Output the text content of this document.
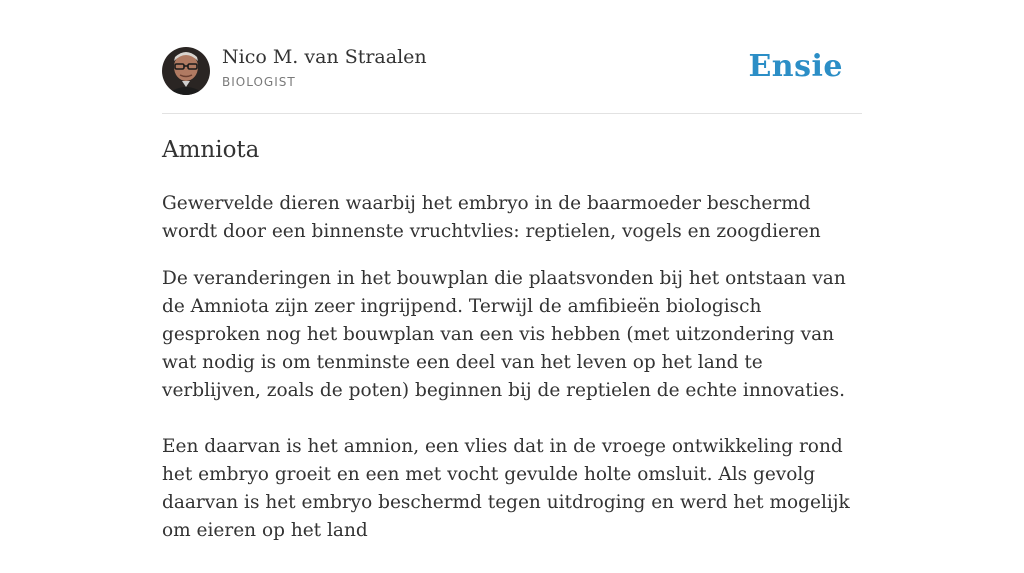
Nico M. van Straalen
BIOLOGIST	Ensie
Amniota

Gewervelde dieren waarbij het embryo in de baarmoeder beschermd wordt door een binnenste vruchtvlies: reptielen, vogels en zoogdieren

De veranderingen in het bouwplan die plaatsvonden bij het ontstaan van de Amniota zijn zeer ingrijpend. Terwijl de amfibieën biologisch gesproken nog het bouwplan van een vis hebben (met uitzondering van wat nodig is om tenminste een deel van het leven op het land te verblijven, zoals de poten) beginnen bij de reptielen de echte innovaties.

Een daarvan is het amnion, een vlies dat in de vroege ontwikkeling rond het embryo groeit en een met vocht gevulde holte omsluit. Als gevolg daarvan is het embryo beschermd tegen uitdroging en werd het mogelijk om eieren op het land
